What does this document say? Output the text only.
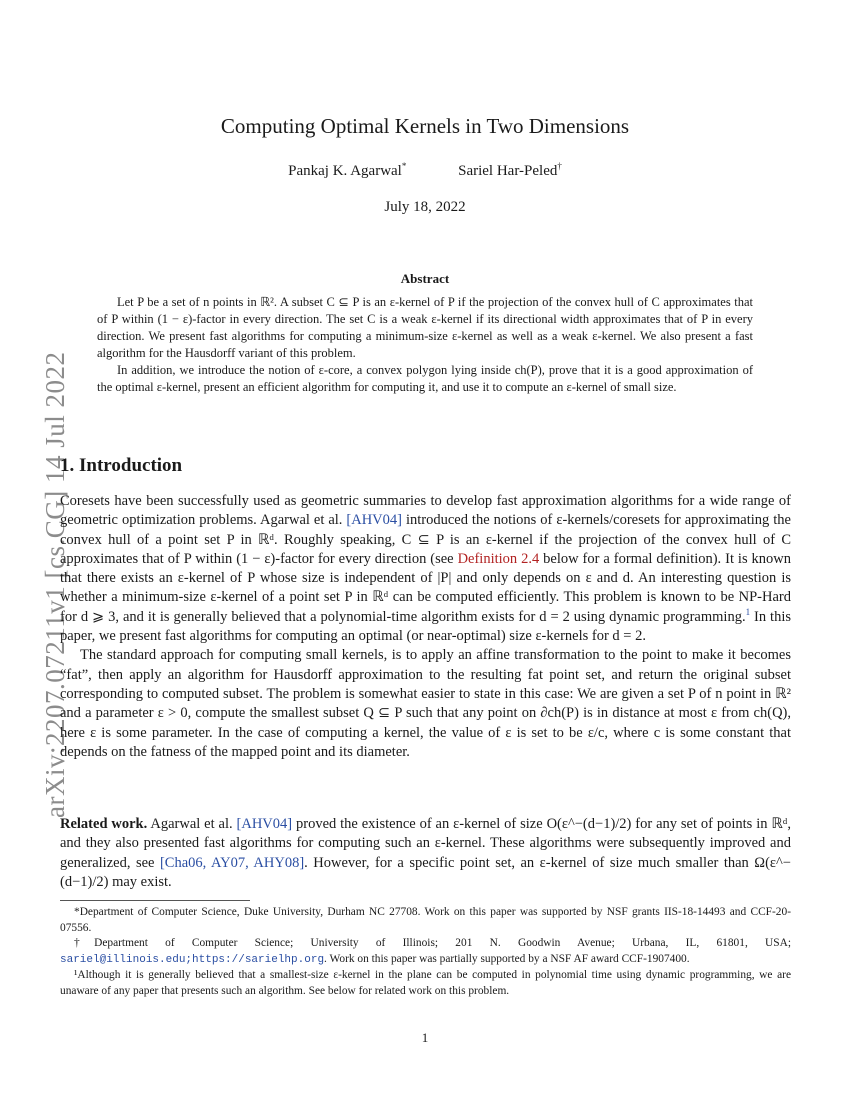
arXiv:2207.07211v1 [cs.CG] 14 Jul 2022
Computing Optimal Kernels in Two Dimensions
Pankaj K. Agarwal*	Sariel Har-Peled†
July 18, 2022
Abstract

Let P be a set of n points in ℝ². A subset C ⊆ P is an ε-kernel of P if the projection of the convex hull of C approximates that of P within (1 − ε)-factor in every direction. The set C is a weak ε-kernel if its directional width approximates that of P in every direction. We present fast algorithms for computing a minimum-size ε-kernel as well as a weak ε-kernel. We also present a fast algorithm for the Hausdorff variant of this problem.

In addition, we introduce the notion of ε-core, a convex polygon lying inside ch(P), prove that it is a good approximation of the optimal ε-kernel, present an efficient algorithm for computing it, and use it to compute an ε-kernel of small size.

1. Introduction

Coresets have been successfully used as geometric summaries to develop fast approximation algorithms for a wide range of geometric optimization problems. Agarwal et al. [AHV04] introduced the notions of ε-kernels/coresets for approximating the convex hull of a point set P in ℝᵈ. Roughly speaking, C ⊆ P is an ε-kernel if the projection of the convex hull of C approximates that of P within (1 − ε)-factor for every direction (see Definition 2.4 below for a formal definition). It is known that there exists an ε-kernel of P whose size is independent of |P| and only depends on ε and d. An interesting question is whether a minimum-size ε-kernel of a point set P in ℝᵈ can be computed efficiently. This problem is known to be NP-Hard for d ⩾ 3, and it is generally believed that a polynomial-time algorithm exists for d = 2 using dynamic programming.$^1$ In this paper, we present fast algorithms for computing an optimal (or near-optimal) size ε-kernels for d = 2.

The standard approach for computing small kernels, is to apply an affine transformation to the point to make it becomes “fat”, then apply an algorithm for Hausdorff approximation to the resulting fat point set, and return the original subset corresponding to computed subset. The problem is somewhat easier to state in this case: We are given a set P of n point in ℝ² and a parameter ε > 0, compute the smallest subset Q ⊆ P such that any point on ∂ch(P) is in distance at most ε from ch(Q), here ε is some parameter. In the case of computing a kernel, the value of ε is set to be ε/c, where c is some constant that depends on the fatness of the mapped point and its diameter.

Related work. Agarwal et al. [AHV04] proved the existence of an ε-kernel of size O(ε^−(d−1)/2) for any set of points in ℝᵈ, and they also presented fast algorithms for computing such an ε-kernel. These algorithms were subsequently improved and generalized, see [Cha06, AY07, AHY08]. However, for a specific point set, an ε-kernel of size much smaller than Ω(ε^−(d−1)/2) may exist.

*Department of Computer Science, Duke University, Durham NC 27708. Work on this paper was supported by NSF grants IIS-18-14493 and CCF-20-07556.

†Department of Computer Science; University of Illinois; 201 N. Goodwin Avenue; Urbana, IL, 61801, USA; sariel@illinois.edu;https://sarielhp.org. Work on this paper was partially supported by a NSF AF award CCF-1907400.

¹Although it is generally believed that a smallest-size ε-kernel in the plane can be computed in polynomial time using dynamic programming, we are unaware of any paper that presents such an algorithm. See below for related work on this problem.

1
